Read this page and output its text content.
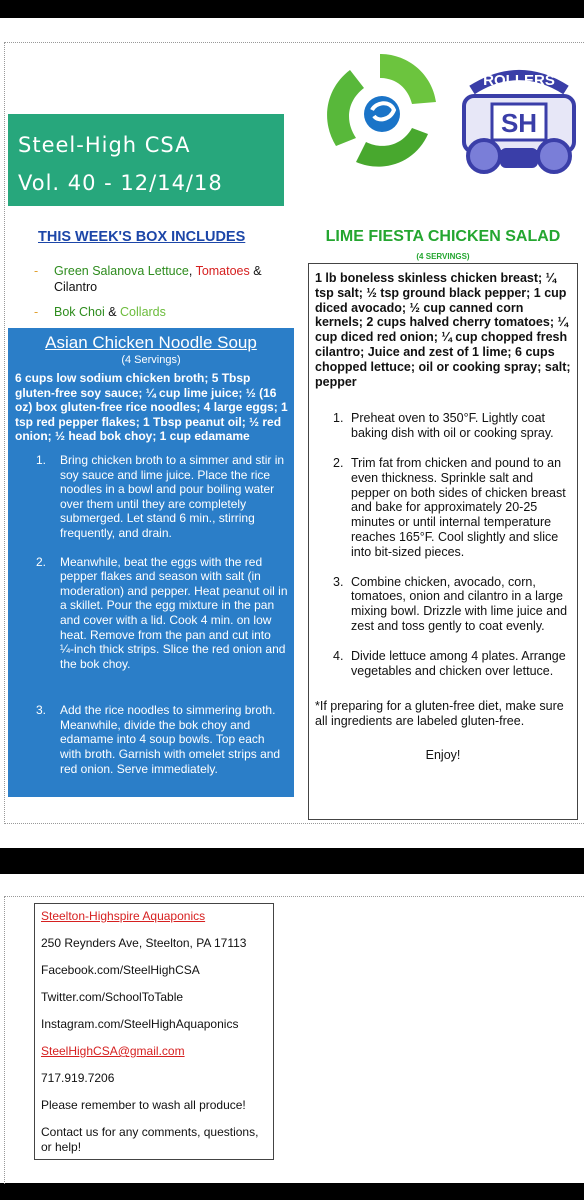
Steel-High CSA
Vol. 40 - 12/14/18
ROLLERS
SH
THIS WEEK'S BOX INCLUDES
- Green Salanova Lettuce, Tomatoes & Cilantro
- Bok Choi & Collards
Asian Chicken Noodle Soup
(4 Servings)
6 cups low sodium chicken broth; 5 Tbsp gluten-free soy sauce; ¼ cup lime juice; ½ (16 oz) box gluten-free rice noodles; 4 large eggs; 1 tsp red pepper flakes; 1 Tbsp peanut oil; ½ red onion; ½ head bok choy; 1 cup edamame
1. Bring chicken broth to a simmer and stir in soy sauce and lime juice. Place the rice noodles in a bowl and pour boiling water over them until they are completely submerged. Let stand 6 min., stirring frequently, and drain.
2. Meanwhile, beat the eggs with the red pepper flakes and season with salt (in moderation) and pepper. Heat peanut oil in a skillet. Pour the egg mixture in the pan and cover with a lid. Cook 4 min. on low heat. Remove from the pan and cut into ¼-inch thick strips. Slice the red onion and the bok choy.
3. Add the rice noodles to simmering broth. Meanwhile, divide the bok choy and edamame into 4 soup bowls. Top each with broth. Garnish with omelet strips and red onion. Serve immediately.
LIME FIESTA CHICKEN SALAD
(4 SERVINGS)
1 lb boneless skinless chicken breast; ¼ tsp salt; ½ tsp ground black pepper; 1 cup diced avocado; ½ cup canned corn kernels; 2 cups halved cherry tomatoes; ¼ cup diced red onion; ¼ cup chopped fresh cilantro; Juice and zest of 1 lime; 6 cups chopped lettuce; oil or cooking spray; salt; pepper
1. Preheat oven to 350°F. Lightly coat baking dish with oil or cooking spray.
2. Trim fat from chicken and pound to an even thickness. Sprinkle salt and pepper on both sides of chicken breast and bake for approximately 20-25 minutes or until internal temperature reaches 165°F. Cool slightly and slice into bit-sized pieces.
3. Combine chicken, avocado, corn, tomatoes, onion and cilantro in a large mixing bowl. Drizzle with lime juice and zest and toss gently to coat evenly.
4. Divide lettuce among 4 plates. Arrange vegetables and chicken over lettuce.
*If preparing for a gluten-free diet, make sure all ingredients are labeled gluten-free.
Enjoy!
Steelton-Highspire Aquaponics
250 Reynders Ave, Steelton, PA 17113
Facebook.com/SteelHighCSA
Twitter.com/SchoolToTable
Instagram.com/SteelHighAquaponics
SteelHighCSA@gmail.com
717.919.7206
Please remember to wash all produce!
Contact us for any comments, questions, or help!
